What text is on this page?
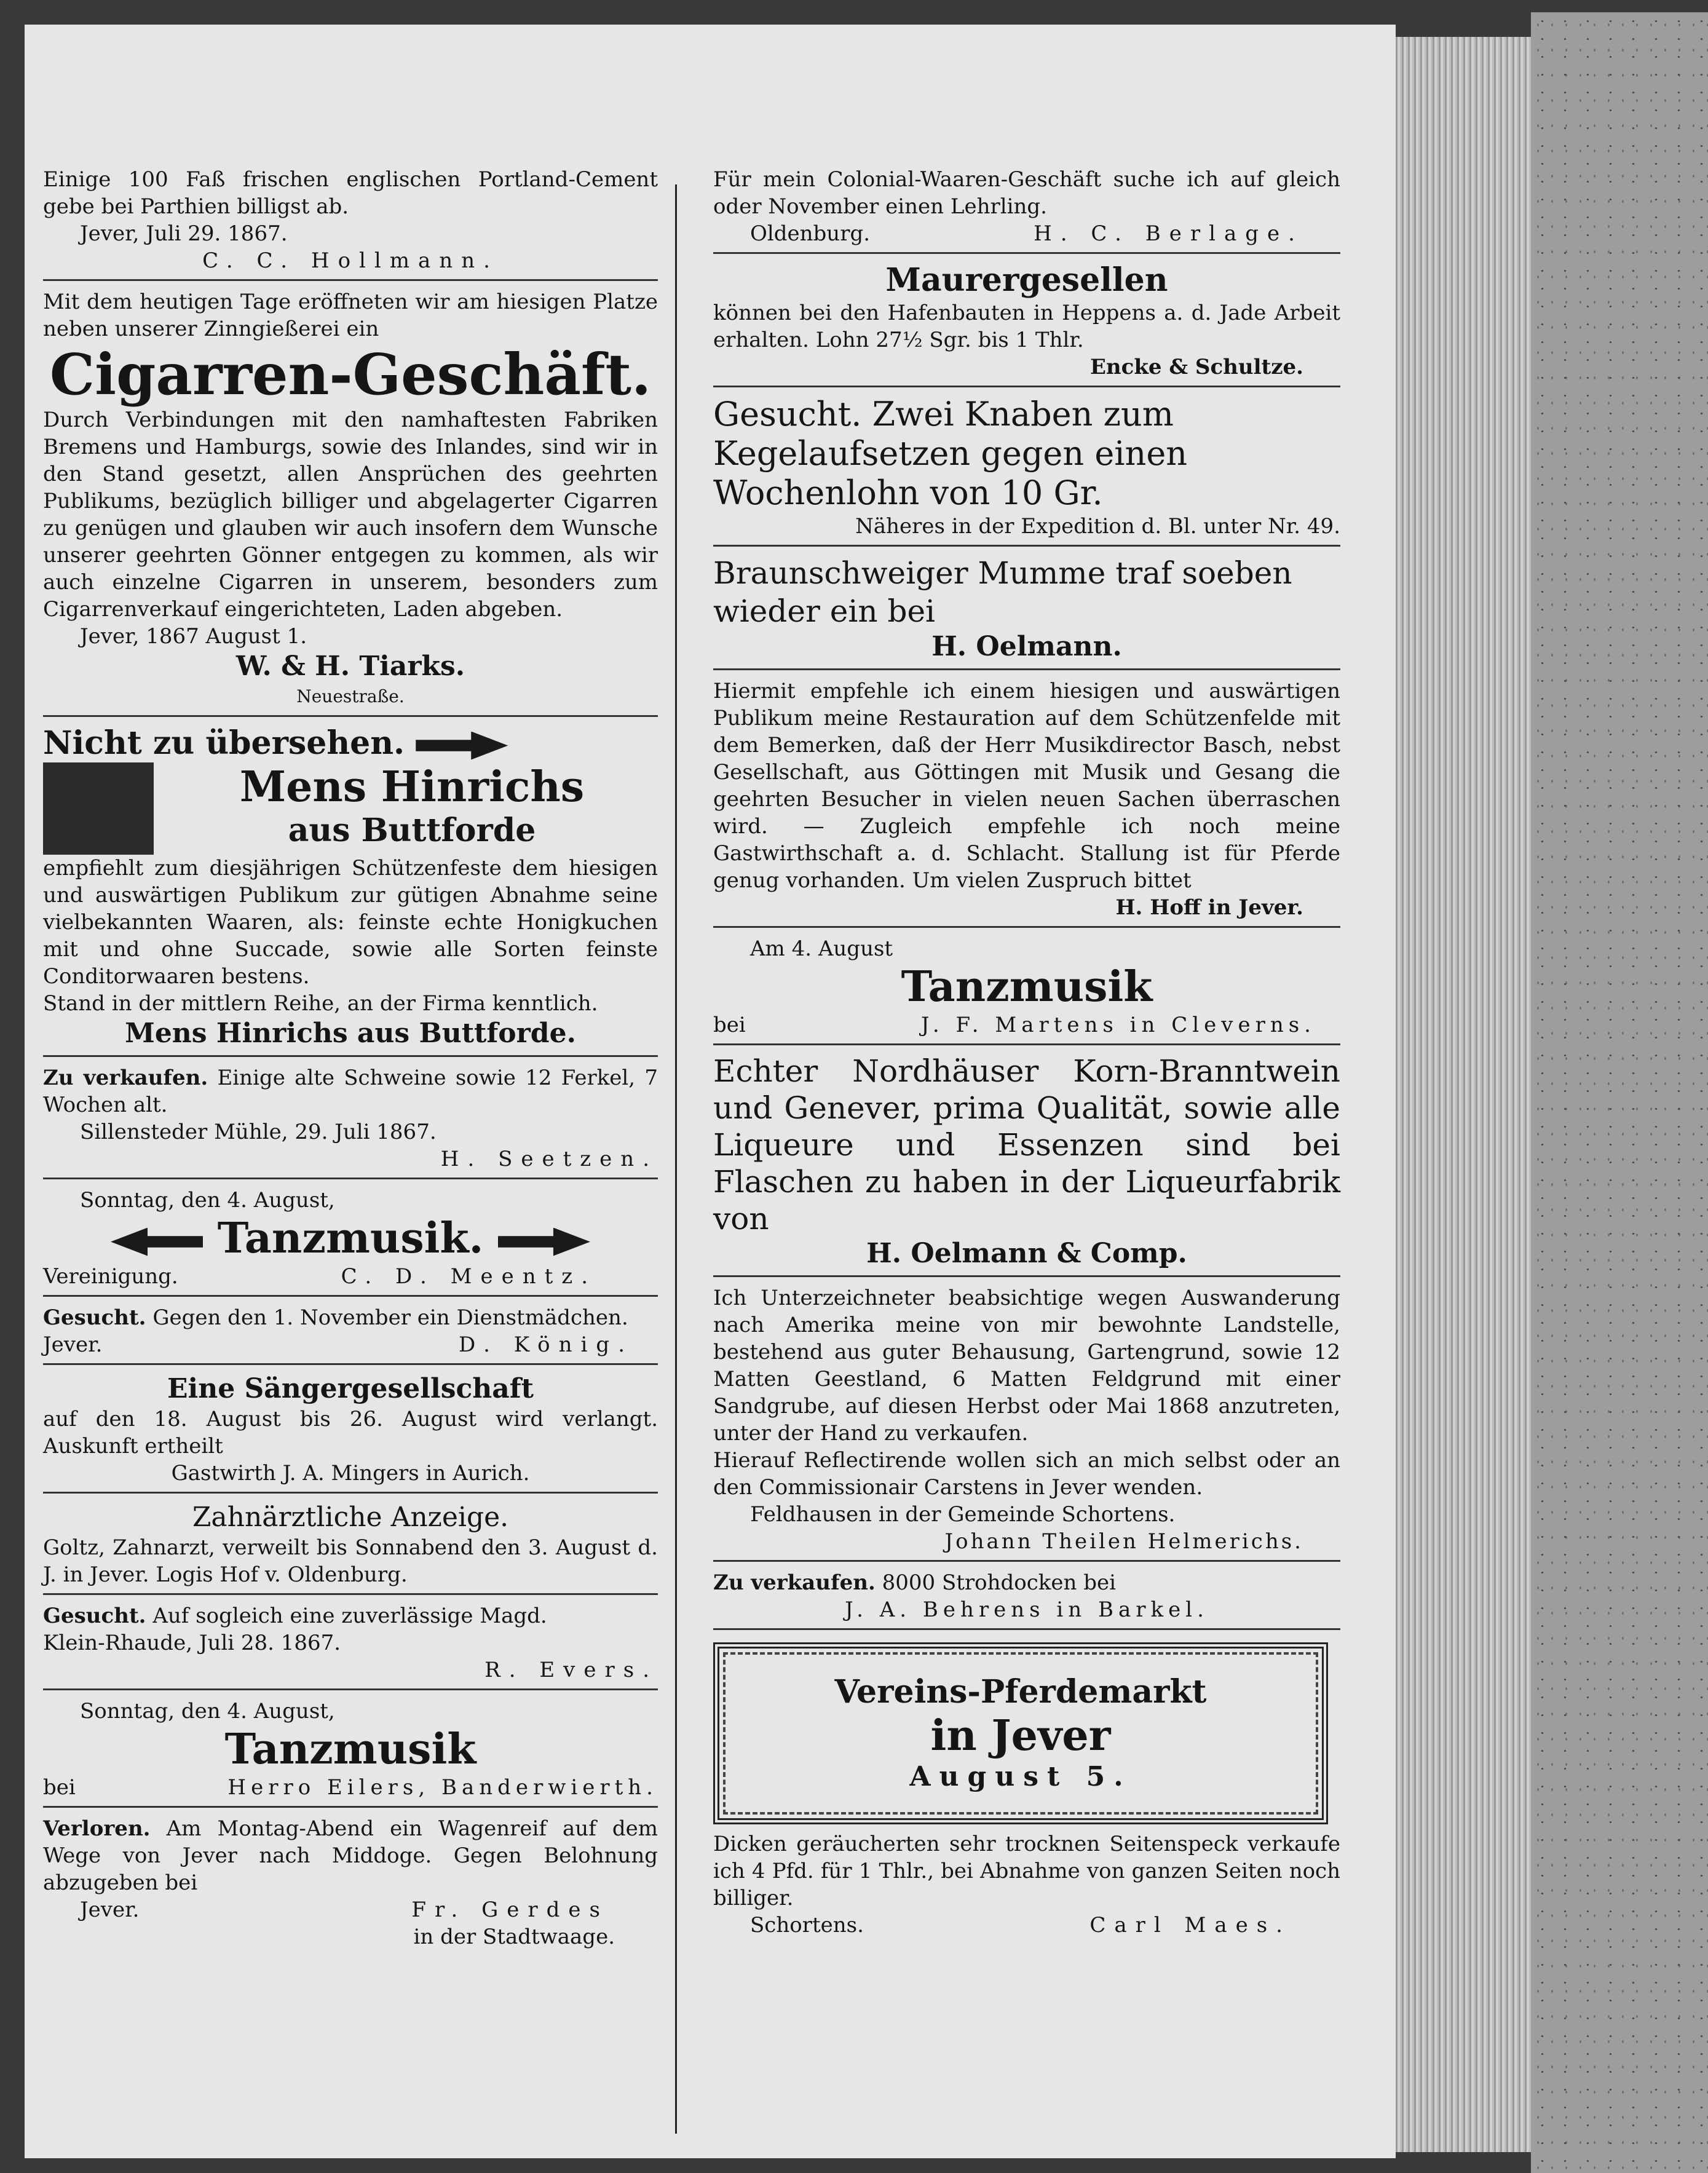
Einige 100 Faß frischen englischen Portland-Cement gebe bei Parthien billigst ab.

Jever, Juli 29. 1867.

C. C. Hollmann.

Mit dem heutigen Tage eröffneten wir am hiesigen Platze neben unserer Zinngießerei ein

Cigarren-Geschäft.

Durch Verbindungen mit den namhaftesten Fabriken Bremens und Hamburgs, sowie des Inlandes, sind wir in den Stand gesetzt, allen Ansprüchen des geehrten Publikums, bezüglich billiger und abgelagerter Cigarren zu genügen und glauben wir auch insofern dem Wunsche unserer geehrten Gönner entgegen zu kommen, als wir auch einzelne Cigarren in unserem, besonders zum Cigarrenverkauf eingerichteten, Laden abgeben.

Jever, 1867 August 1.

W. & H. Tiarks.

Neuestraße.

Nicht zu übersehen.

Mens Hinrichs

aus Buttforde

empfiehlt zum diesjährigen Schützenfeste dem hiesigen und auswärtigen Publikum zur gütigen Abnahme seine vielbekannten Waaren, als: feinste echte Honigkuchen mit und ohne Succade, sowie alle Sorten feinste Conditorwaaren bestens.

Stand in der mittlern Reihe, an der Firma kenntlich.

Mens Hinrichs aus Buttforde.

Zu verkaufen. Einige alte Schweine sowie 12 Ferkel, 7 Wochen alt.

Sillensteder Mühle, 29. Juli 1867.

H. Seetzen.

Sonntag, den 4. August,

Tanzmusik.

Vereinigung.	C. D. Meentz.

Gesucht. Gegen den 1. November ein Dienstmädchen.

Jever.	D. König.

Eine Sängergesellschaft

auf den 18. August bis 26. August wird verlangt. Auskunft ertheilt

Gastwirth J. A. Mingers in Aurich.

Zahnärztliche Anzeige.

Goltz, Zahnarzt, verweilt bis Sonnabend den 3. August d. J. in Jever. Logis Hof v. Oldenburg.

Gesucht. Auf sogleich eine zuverlässige Magd.

Klein-Rhaude, Juli 28. 1867.

R. Evers.

Sonntag, den 4. August,

Tanzmusik

bei	Herro Eilers, Banderwierth.

Verloren. Am Montag-Abend ein Wagenreif auf dem Wege von Jever nach Middoge. Gegen Belohnung abzugeben bei

Jever.	Fr. Gerdes

in der Stadtwaage.

Für mein Colonial-Waaren-Geschäft suche ich auf gleich oder November einen Lehrling.

Oldenburg.	H. C. Berlage.

Maurergesellen

können bei den Hafenbauten in Heppens a. d. Jade Arbeit erhalten. Lohn 27½ Sgr. bis 1 Thlr.

Encke & Schultze.

Gesucht. Zwei Knaben zum Kegelaufsetzen gegen einen Wochenlohn von 10 Gr.

Näheres in der Expedition d. Bl. unter Nr. 49.

Braunschweiger Mumme traf soeben wieder ein bei

H. Oelmann.

Hiermit empfehle ich einem hiesigen und auswärtigen Publikum meine Restauration auf dem Schützenfelde mit dem Bemerken, daß der Herr Musikdirector Basch, nebst Gesellschaft, aus Göttingen mit Musik und Gesang die geehrten Besucher in vielen neuen Sachen überraschen wird. — Zugleich empfehle ich noch meine Gastwirthschaft a. d. Schlacht. Stallung ist für Pferde genug vorhanden. Um vielen Zuspruch bittet

H. Hoff in Jever.

Am 4. August

Tanzmusik

bei	J. F. Martens in Cleverns.

Echter Nordhäuser Korn-Branntwein und Genever, prima Qualität, sowie alle Liqueure und Essenzen sind bei Flaschen zu haben in der Liqueurfabrik von

H. Oelmann & Comp.

Ich Unterzeichneter beabsichtige wegen Auswanderung nach Amerika meine von mir bewohnte Landstelle, bestehend aus guter Behausung, Gartengrund, sowie 12 Matten Geestland, 6 Matten Feldgrund mit einer Sandgrube, auf diesen Herbst oder Mai 1868 anzutreten, unter der Hand zu verkaufen.

Hierauf Reflectirende wollen sich an mich selbst oder an den Commissionair Carstens in Jever wenden.

Feldhausen in der Gemeinde Schortens.

Johann Theilen Helmerichs.

Zu verkaufen. 8000 Strohdocken bei

J. A. Behrens in Barkel.

Vereins-Pferdemarkt

in Jever

August 5.

Dicken geräucherten sehr trocknen Seitenspeck verkaufe ich 4 Pfd. für 1 Thlr., bei Abnahme von ganzen Seiten noch billiger.

Schortens.	Carl Maes.
